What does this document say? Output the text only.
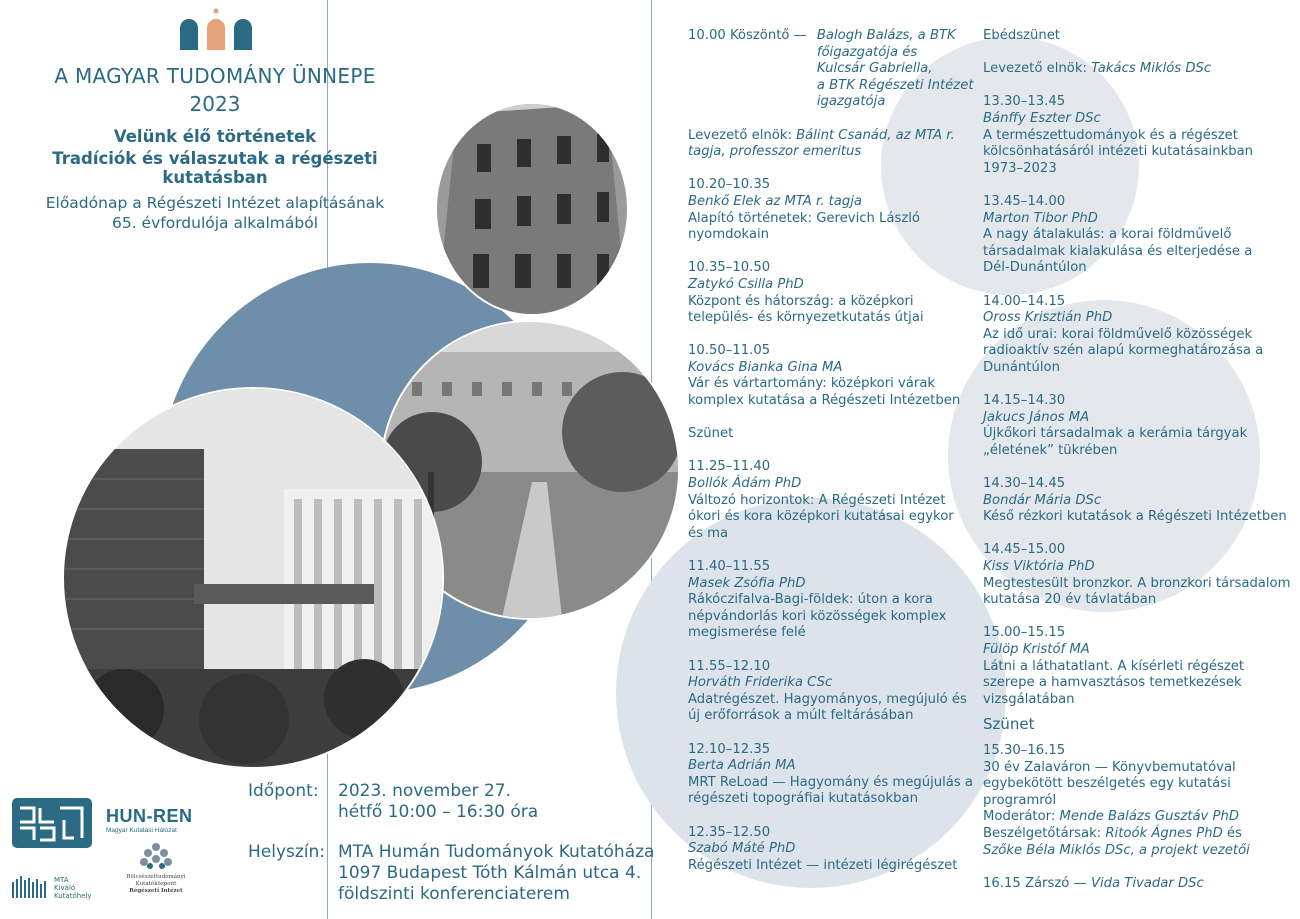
A MAGYAR TUDOMÁNY ÜNNEPE
2023
Velünk élő történetek
Tradíciók és válaszutak a régészeti kutatásban
Előadónap a Régészeti Intézet alapításának
65. évfordulója alkalmából
Időpont: 2023. november 27.
hétfő 10:00 – 16:30 óra
Helyszín: MTA Humán Tudományok Kutatóháza
1097 Budapest Tóth Kálmán utca 4.
földszinti konferenciaterem
HUN-REN
Magyar Kutatási Hálózat
MTA
Kiváló
Kutatóhely
Bölcsészettudományi
Kutatóközpont
Régészeti Intézet
10.00 Köszöntő — Balogh Balázs, a BTK
főigazgatója és
Kulcsár Gabriella,
a BTK Régészeti Intézet
igazgatója
Levezető elnök: Bálint Csanád, az MTA r.
tagja, professzor emeritus
10.20–10.35
Benkő Elek az MTA r. tagja
Alapító történetek: Gerevich László
nyomdokain
10.35–10.50
Zatykó Csilla PhD
Központ és hátország: a középkori
település- és környezetkutatás útjai
10.50–11.05
Kovács Bianka Gina MA
Vár és vártartomány: középkori várak
komplex kutatása a Régészeti Intézetben
Szünet
11.25–11.40
Bollók Ádám PhD
Változó horizontok: A Régészeti Intézet
ókori és kora középkori kutatásai egykor
és ma
11.40–11.55
Masek Zsófia PhD
Rákóczifalva-Bagi-földek: úton a kora
népvándorlás kori közösségek komplex
megismerése felé
11.55–12.10
Horváth Friderika CSc
Adatrégészet. Hagyományos, megújuló és
új erőforrások a múlt feltárásában
12.10–12.35
Berta Adrián MA
MRT ReLoad — Hagyomány és megújulás a
régészeti topográfiai kutatásokban
12.35–12.50
Szabó Máté PhD
Régészeti Intézet — intézeti légirégészet
Ebédszünet
Levezető elnök: Takács Miklós DSc
13.30–13.45
Bánffy Eszter DSc
A természettudományok és a régészet
kölcsönhatásáról intézeti kutatásainkban
1973–2023
13.45–14.00
Marton Tibor PhD
A nagy átalakulás: a korai földművelő
társadalmak kialakulása és elterjedése a
Dél-Dunántúlon
14.00–14.15
Oross Krisztián PhD
Az idő urai: korai földművelő közösségek
radioaktív szén alapú kormeghatározása a
Dunántúlon
14.15–14.30
Jakucs János MA
Újkőkori társadalmak a kerámia tárgyak
„életének” tükrében
14.30–14.45
Bondár Mária DSc
Késő rézkori kutatások a Régészeti Intézetben
14.45–15.00
Kiss Viktória PhD
Megtestesült bronzkor. A bronzkori társadalom
kutatása 20 év távlatában
15.00–15.15
Fülöp Kristóf MA
Látni a láthatatlant. A kísérleti régészet
szerepe a hamvasztásos temetkezések
vizsgálatában
Szünet
15.30–16.15
30 év Zalaváron — Könyvbemutatóval
egybekötött beszélgetés egy kutatási
programról
Moderátor: Mende Balázs Gusztáv PhD
Beszélgetőtársak: Ritoók Ágnes PhD és
Szőke Béla Miklós DSc, a projekt vezetői
16.15 Zárszó — Vida Tivadar DSc
